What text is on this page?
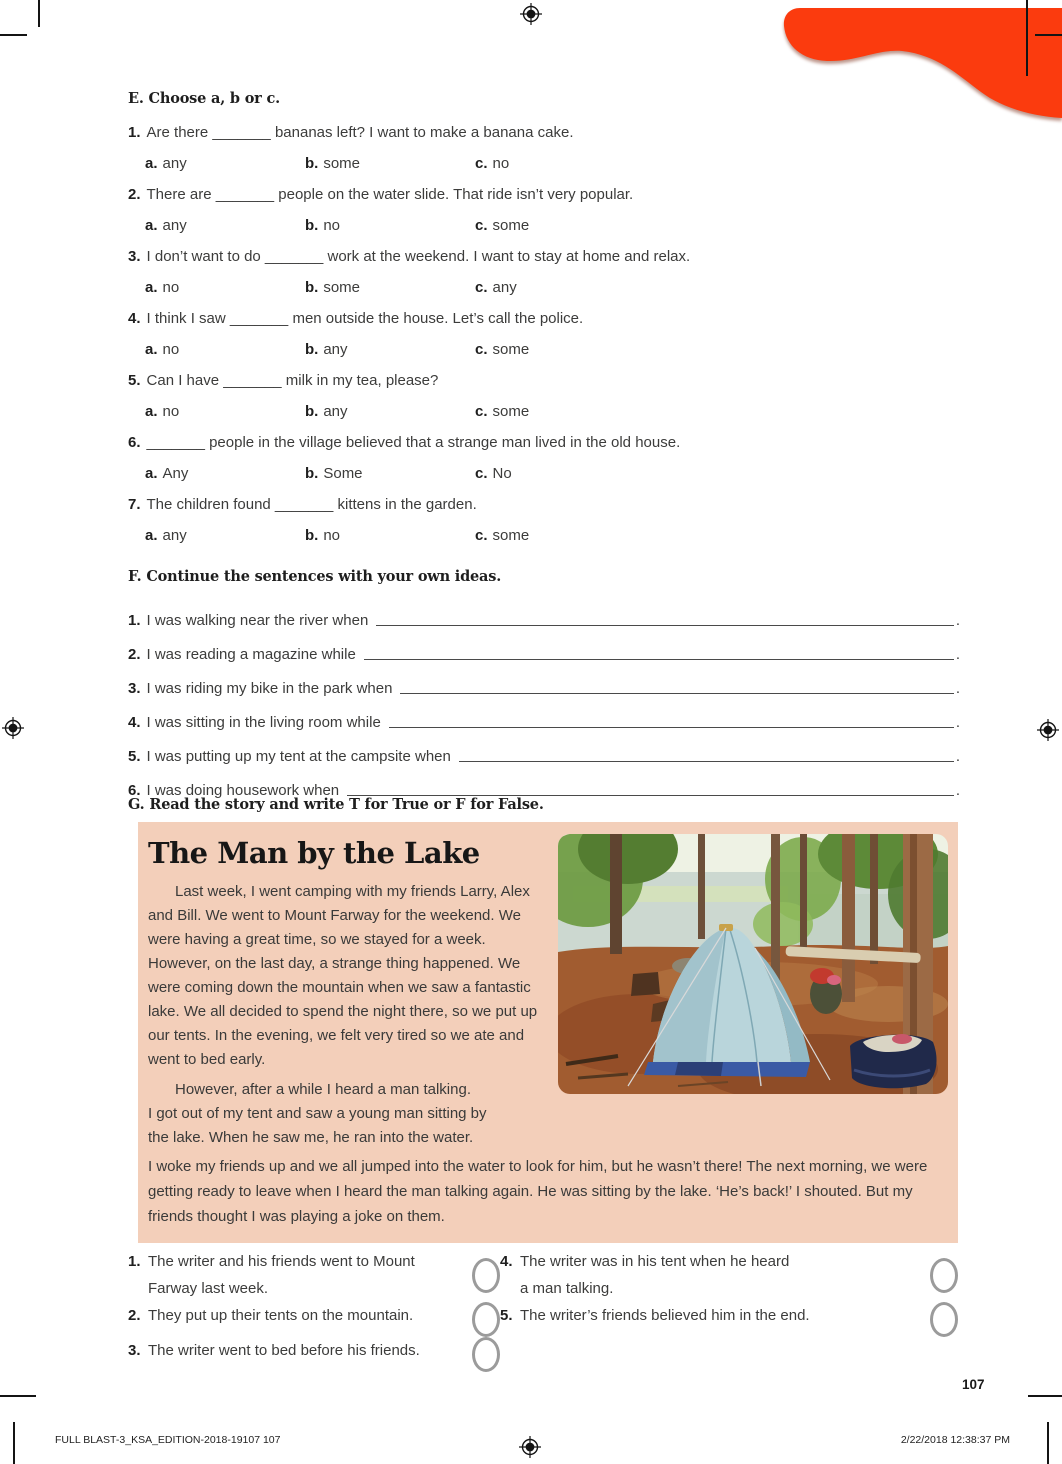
E. Choose a, b or c.
1. Are there _______ bananas left? I want to make a banana cake.
a. any	b. some	c. no
2. There are _______ people on the water slide. That ride isn’t very popular.
a. any	b. no	c. some
3. I don’t want to do _______ work at the weekend. I want to stay at home and relax.
a. no	b. some	c. any
4. I think I saw _______ men outside the house. Let’s call the police.
a. no	b. any	c. some
5. Can I have _______ milk in my tea, please?
a. no	b. any	c. some
6. _______ people in the village believed that a strange man lived in the old house.
a. Any	b. Some	c. No
7. The children found _______ kittens in the garden.
a. any	b. no	c. some
F. Continue the sentences with your own ideas.
1. I was walking near the river when	.
2. I was reading a magazine while	.
3. I was riding my bike in the park when	.
4. I was sitting in the living room while	.
5. I was putting up my tent at the campsite when	.
6. I was doing housework when	.
G. Read the story and write T for True or F for False.
The Man by the Lake

Last week, I went camping with my friends Larry, Alex and Bill. We went to Mount Farway for the weekend. We were having a great time, so we stayed for a week. However, on the last day, a strange thing happened. We were coming down the mountain when we saw a fantastic lake. We all decided to spend the night there, so we put up our tents. In the evening, we felt very tired so we ate and went to bed early.

However, after a while I heard a man talking.
I got out of my tent and saw a young man sitting by
the lake. When he saw me, he ran into the water.

I woke my friends up and we all jumped into the water to look for him, but he wasn’t there! The next morning, we were getting ready to leave when I heard the man talking again. He was sitting by the lake. ‘He’s back!’ I shouted. But my friends thought I was playing a joke on them.

1. The writer and his friends went to Mount
Farway last week.
2. They put up their tents on the mountain.
3. The writer went to bed before his friends.
4. The writer was in his tent when he heard
a man talking.
5. The writer’s friends believed him in the end.
107
FULL BLAST-3_KSA_EDITION-2018-19107 107	2/22/2018 12:38:37 PM
